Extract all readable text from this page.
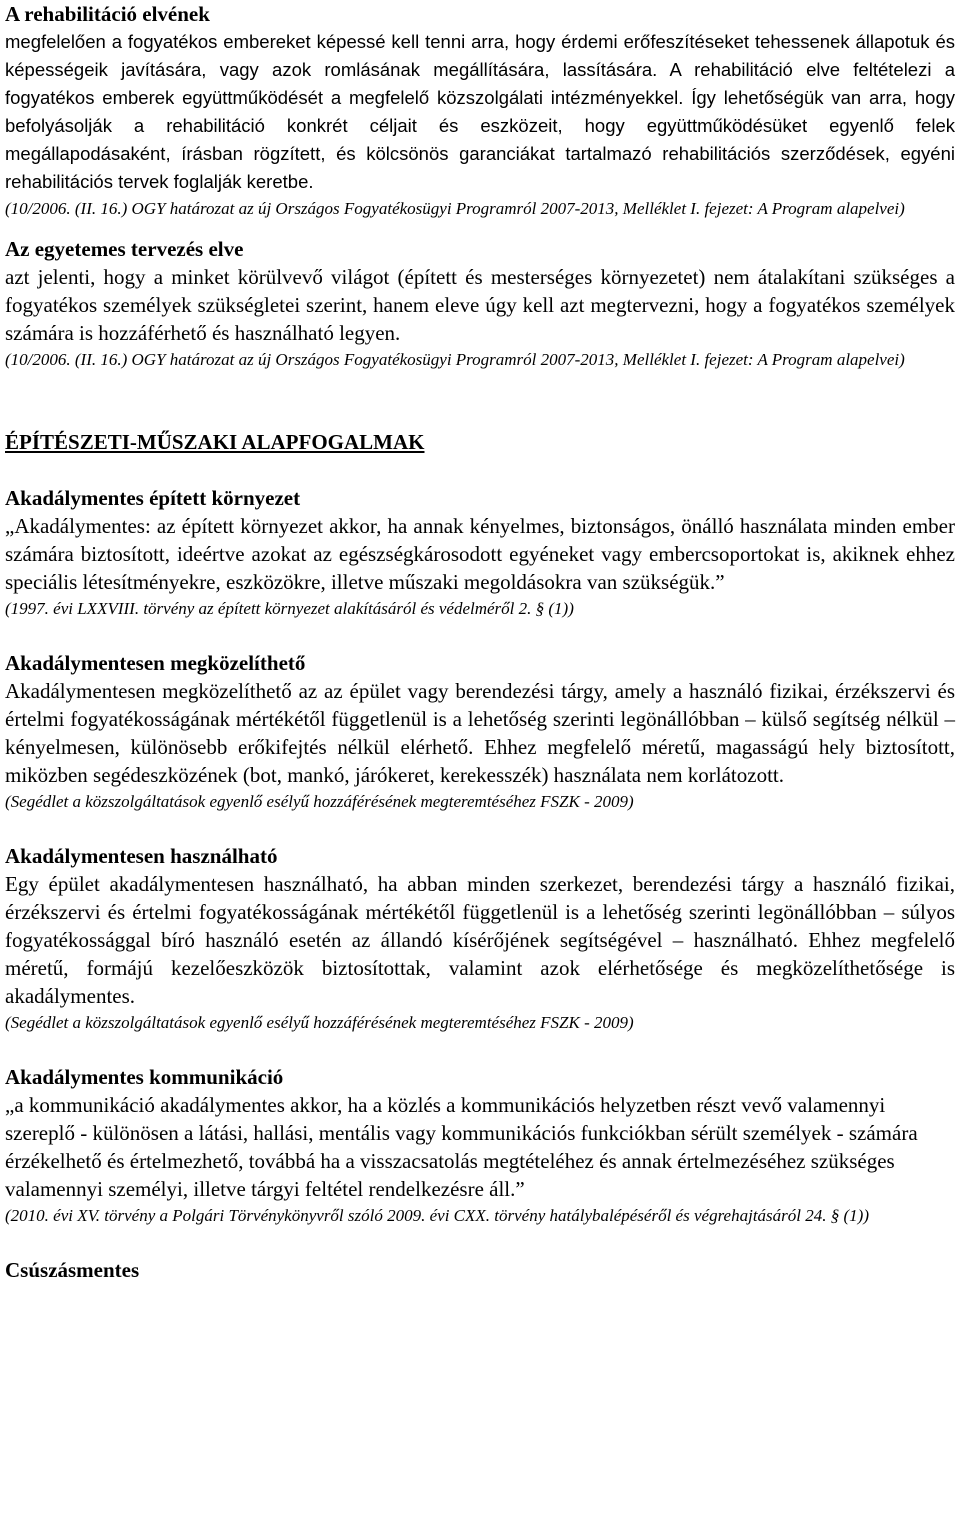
A rehabilitáció elvének

megfelelően a fogyatékos embereket képessé kell tenni arra, hogy érdemi erőfeszítéseket tehessenek állapotuk és képességeik javítására, vagy azok romlásának megállítására, lassítására. A rehabilitáció elve feltételezi a fogyatékos emberek együttműködését a megfelelő közszolgálati intézményekkel. Így lehetőségük van arra, hogy befolyásolják a rehabilitáció konkrét céljait és eszközeit, hogy együttműködésüket egyenlő felek megállapodásaként, írásban rögzített, és kölcsönös garanciákat tartalmazó rehabilitációs szerződések, egyéni rehabilitációs tervek foglalják keretbe.

(10/2006. (II. 16.) OGY határozat az új Országos Fogyatékosügyi Programról 2007-2013, Melléklet I. fejezet: A Program alapelvei)

Az egyetemes tervezés elve

azt jelenti, hogy a minket körülvevő világot (épített és mesterséges környezetet) nem átalakítani szükséges a fogyatékos személyek szükségletei szerint, hanem eleve úgy kell azt megtervezni, hogy a fogyatékos személyek számára is hozzáférhető és használható legyen.

(10/2006. (II. 16.) OGY határozat az új Országos Fogyatékosügyi Programról 2007-2013, Melléklet I. fejezet: A Program alapelvei)

ÉPÍTÉSZETI-MŰSZAKI ALAPFOGALMAK

Akadálymentes épített környezet

„Akadálymentes: az épített környezet akkor, ha annak kényelmes, biztonságos, önálló használata minden ember számára biztosított, ideértve azokat az egészségkárosodott egyéneket vagy embercsoportokat is, akiknek ehhez speciális létesítményekre, eszközökre, illetve műszaki megoldásokra van szükségük.”

(1997. évi LXXVIII. törvény az épített környezet alakításáról és védelméről 2. § (1))

Akadálymentesen megközelíthető

Akadálymentesen megközelíthető az az épület vagy berendezési tárgy, amely a használó fizikai, érzékszervi és értelmi fogyatékosságának mértékétől függetlenül is a lehetőség szerinti legönállóbban – külső segítség nélkül – kényelmesen, különösebb erőkifejtés nélkül elérhető. Ehhez megfelelő méretű, magasságú hely biztosított, miközben segédeszközének (bot, mankó, járókeret, kerekesszék) használata nem korlátozott.

(Segédlet a közszolgáltatások egyenlő esélyű hozzáférésének megteremtéséhez FSZK - 2009)

Akadálymentesen használható

Egy épület akadálymentesen használható, ha abban minden szerkezet, berendezési tárgy a használó fizikai, érzékszervi és értelmi fogyatékosságának mértékétől függetlenül is a lehetőség szerinti legönállóbban – súlyos fogyatékossággal bíró használó esetén az állandó kísérőjének segítségével – használható. Ehhez megfelelő méretű, formájú kezelőeszközök biztosítottak, valamint azok elérhetősége és megközelíthetősége is akadálymentes.

(Segédlet a közszolgáltatások egyenlő esélyű hozzáférésének megteremtéséhez FSZK - 2009)

Akadálymentes kommunikáció

„a kommunikáció akadálymentes akkor, ha a közlés a kommunikációs helyzetben részt vevő valamennyi szereplő - különösen a látási, hallási, mentális vagy kommunikációs funkciókban sérült személyek - számára érzékelhető és értelmezhető, továbbá ha a visszacsatolás megtételéhez és annak értelmezéséhez szükséges valamennyi személyi, illetve tárgyi feltétel rendelkezésre áll.”

(2010. évi XV. törvény a Polgári Törvénykönyvről szóló 2009. évi CXX. törvény hatálybalépéséről és végrehajtásáról 24. § (1))

Csúszásmentes
